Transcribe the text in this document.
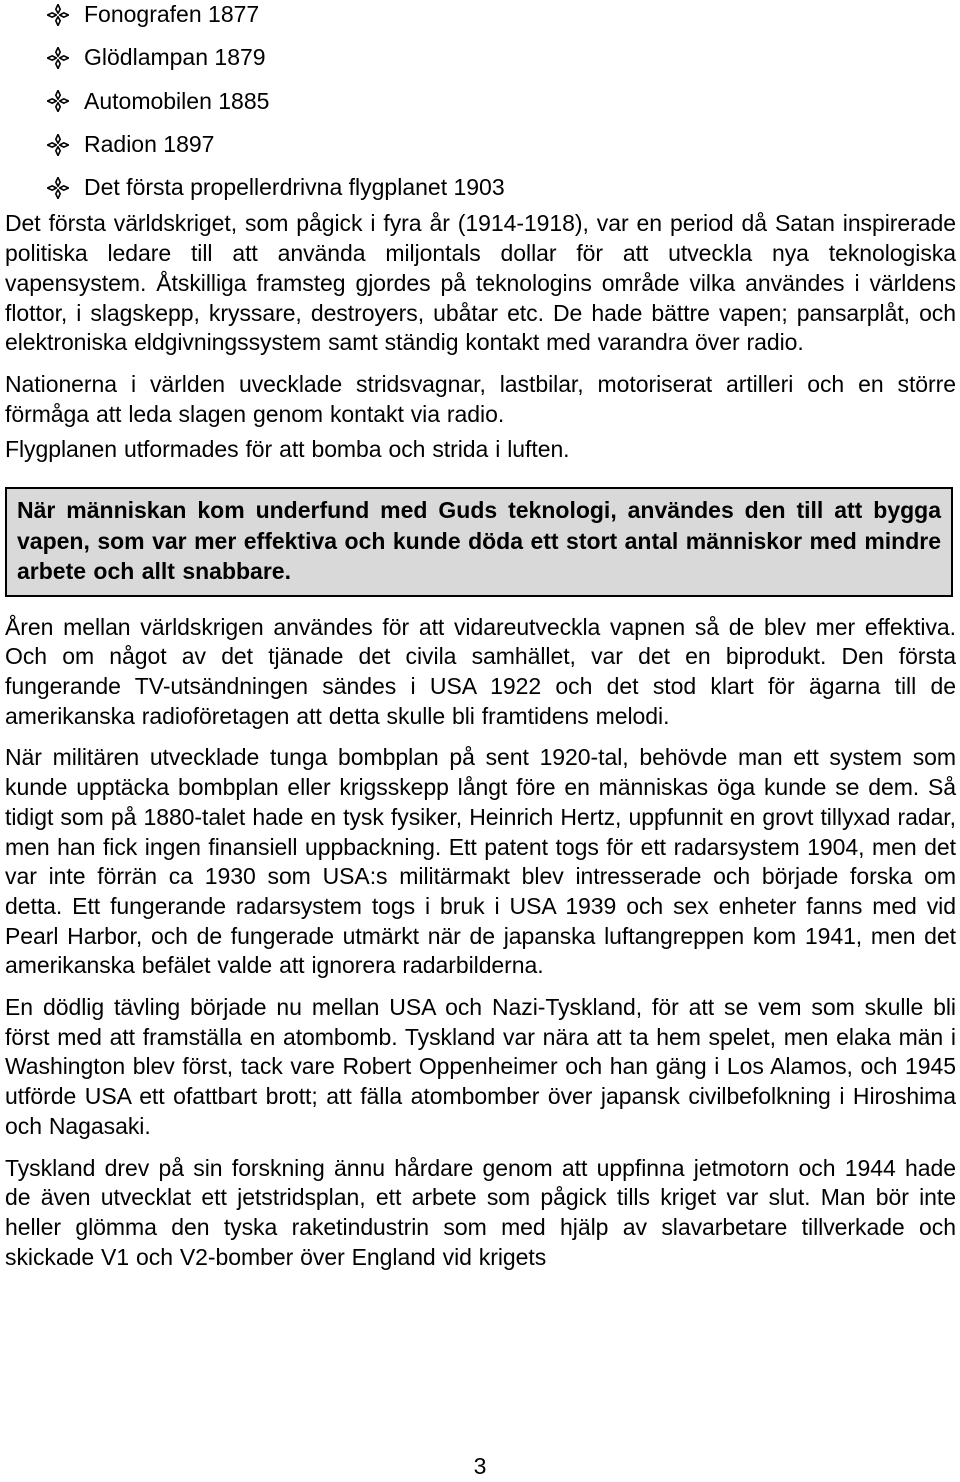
Fonografen 1877
Glödlampan 1879
Automobilen 1885
Radion 1897
Det första propellerdrivna flygplanet 1903

Det första världskriget, som pågick i fyra år (1914-1918), var en period då Satan inspirerade politiska ledare till att använda miljontals dollar för att utveckla nya teknologiska vapensystem. Åtskilliga framsteg gjordes på teknologins område vilka användes i världens flottor, i slagskepp, kryssare, destroyers, ubåtar etc. De hade bättre vapen; pansarplåt, och elektroniska eldgivningssystem samt ständig kontakt med varandra över radio.

Nationerna i världen uvecklade stridsvagnar, lastbilar, motoriserat artilleri och en större förmåga att leda slagen genom kontakt via radio.

Flygplanen utformades för att bomba och strida i luften.

När människan kom underfund med Guds teknologi, användes den till att bygga vapen, som var mer effektiva och kunde döda ett stort antal människor med mindre arbete och allt snabbare.

Åren mellan världskrigen användes för att vidareutveckla vapnen så de blev mer effektiva. Och om något av det tjänade det civila samhället, var det en biprodukt. Den första fungerande TV-utsändningen sändes i USA 1922 och det stod klart för ägarna till de amerikanska radioföretagen att detta skulle bli framtidens melodi.

När militären utvecklade tunga bombplan på sent 1920-tal, behövde man ett system som kunde upptäcka bombplan eller krigsskepp långt före en människas öga kunde se dem. Så tidigt som på 1880-talet hade en tysk fysiker, Heinrich Hertz, uppfunnit en grovt tillyxad radar, men han fick ingen finansiell uppbackning. Ett patent togs för ett radarsystem 1904, men det var inte förrän ca 1930 som USA:s militärmakt blev intresserade och började forska om detta. Ett fungerande radarsystem togs i bruk i USA 1939 och sex enheter fanns med vid Pearl Harbor, och de fungerade utmärkt när de japanska luftangreppen kom 1941, men det amerikanska befälet valde att ignorera radarbilderna.

En dödlig tävling började nu mellan USA och Nazi-Tyskland, för att se vem som skulle bli först med att framställa en atombomb. Tyskland var nära att ta hem spelet, men elaka män i Washington blev först, tack vare Robert Oppenheimer och han gäng i Los Alamos, och 1945 utförde USA ett ofattbart brott; att fälla atombomber över japansk civilbefolkning i Hiroshima och Nagasaki.

Tyskland drev på sin forskning ännu hårdare genom att uppfinna jetmotorn och 1944 hade de även utvecklat ett jetstridsplan, ett arbete som pågick tills kriget var slut. Man bör inte heller glömma den tyska raketindustrin som med hjälp av slavarbetare tillverkade och skickade V1 och V2-bomber över England vid krigets

3
